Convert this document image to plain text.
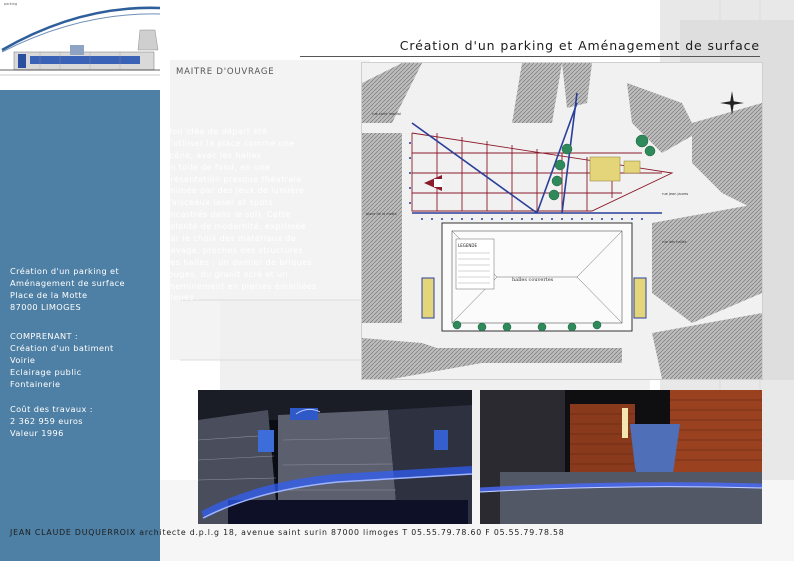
parking
Création d'un parking et
Aménagement de surface
Place de la Motte
87000 LIMOGES
COMPRENANT :
Création d'un batiment
Voirie
Eclairage public
Fontainerie
Coût des travaux :
2 362 959 euros
Valeur 1996
Création d'un parking et Aménagement de surface
MAITRE D'OUVRAGE
Mon idée de départ été
d'utiliser la place comme une
scène, avec les halles
en toile de fond, en une
présentation presque théatrale
animée par des jeux de lumière
(faisceaux laser et spots
encastrés dans le sol). Cette
volonté de modernité, exprimée
par le choix des matériaux de
pavage, proches des structures
des halles ; un damier de briques
rouges, du granit ocré et un
cheminement en pierres émaillées
bleues .
LEGENDE
halles couvertes
rue saint martial
place de la motte
rue jean jaures
rue des halles
JEAN CLAUDE DUQUERROIX architecte d.p.l.g 18, avenue saint surin 87000 limoges T 05.55.79.78.60 F 05.55.79.78.58
